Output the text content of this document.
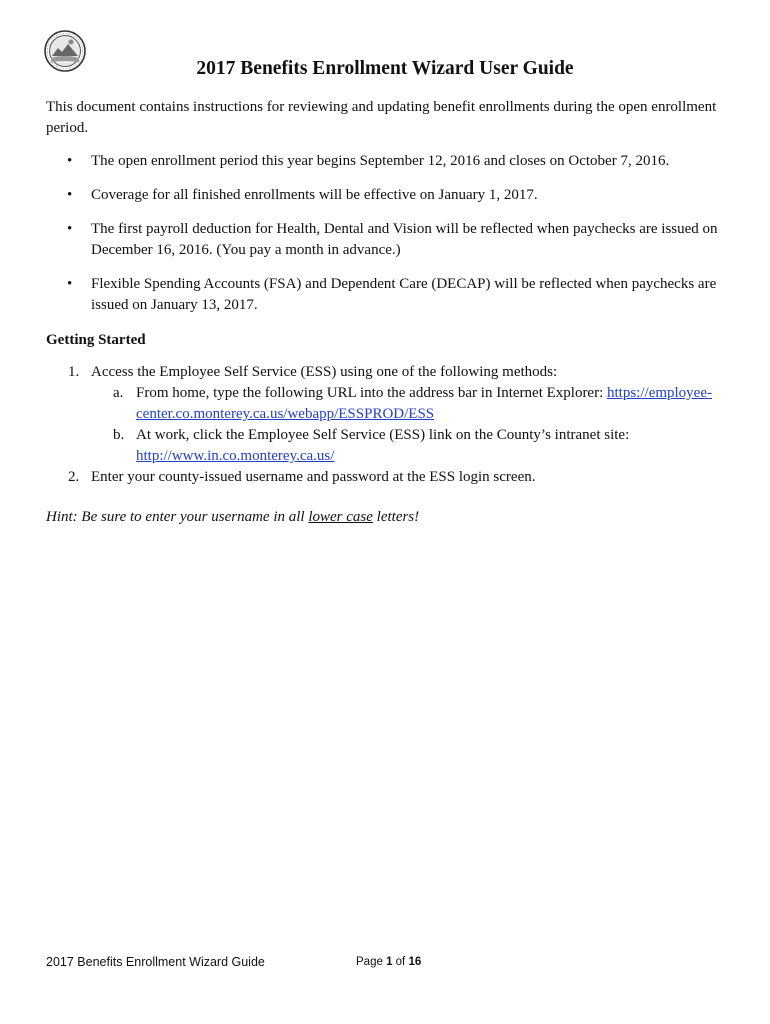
2017 Benefits Enrollment Wizard User Guide

This document contains instructions for reviewing and updating benefit enrollments during the open enrollment period.

• The open enrollment period this year begins September 12, 2016 and closes on October 7, 2016.
• Coverage for all finished enrollments will be effective on January 1, 2017.
• The first payroll deduction for Health, Dental and Vision will be reflected when paychecks are issued on December 16, 2016. (You pay a month in advance.)
• Flexible Spending Accounts (FSA) and Dependent Care (DECAP) will be reflected when paychecks are issued on January 13, 2017.
Getting Started
1. Access the Employee Self Service (ESS) using one of the following methods:
a. From home, type the following URL into the address bar in Internet Explorer: https://employee-center.co.monterey.ca.us/webapp/ESSPROD/ESS
b. At work, click the Employee Self Service (ESS) link on the County’s intranet site: http://www.in.co.monterey.ca.us/
2. Enter your county-issued username and password at the ESS login screen.

Hint: Be sure to enter your username in all lower case letters!

2017 Benefits Enrollment Wizard Guide	Page 1 of 16
